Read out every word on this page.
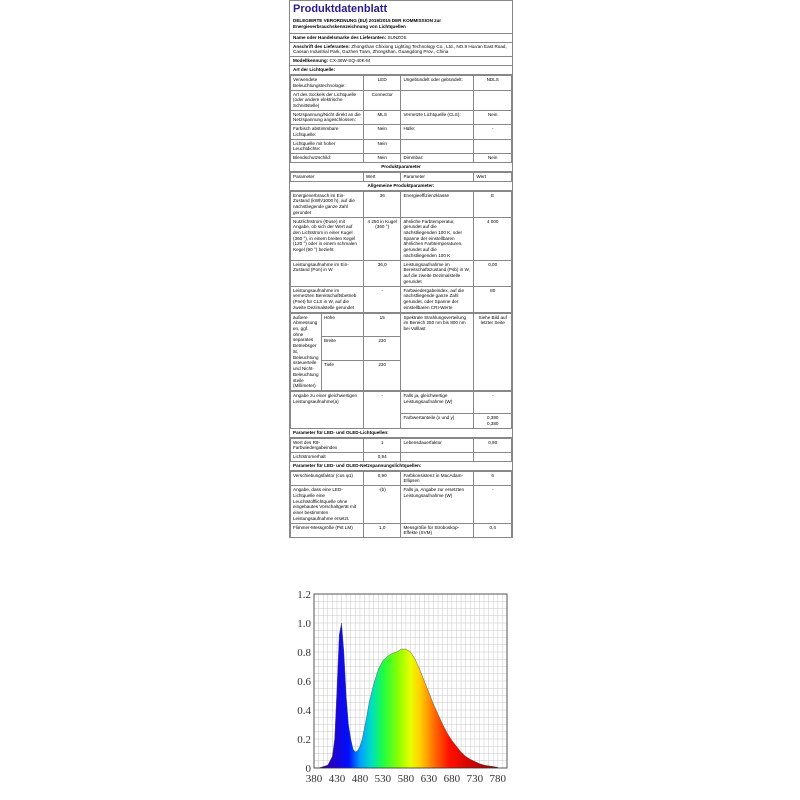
Produktdatenblatt
DELEGIERTE VERORDNUNG (EU) 2019/2015 DER KOMMISSION zur Energieverbrauchskennzeichnung von Lichtquellen
Name oder Handelsmarke des Lieferanten: SUNZOS
Anschrift des Lieferanten: Zhongshan Chixiong Lighting Technology Co., Ltd., NO.9 Hua'an East Road, Caosan Industrial Park, Guzhen Town, Zhongshan, Guangdong Prov., China
Modellkennung: CX-36W-SQ-40K-M
Art der Lichtquelle:
Verwendete Beleuchtungstechnologie:	LED	Ungebündelt oder gebündelt:	NDLS
Art des Sockels der Lichtquelle (oder andere elektrische Schnittstelle)	Connector		
Netzspannung/Nicht direkt an die Netzspannung angeschlossen:	MLS	Vernetzte Lichtquelle (CLS):	Nein
Farbisch abstimmbare Lichtquelle:	Nein	Hülle:	-
Lichtquelle mit hoher Leuchtdichte:	Nein		
Blendschutzschild:	Nein	Dimmbar:	Nein
Produktparameter
Parameter	Wert	Parameter	Wert
Allgemeine Produktparameter:
Energieverbrauch im Ein-Zustand (kWh/1000 h), auf die nächstliegende ganze Zahl gerundet	36	Energieeffizienzklasse	E
Nutzlichtstrom (Φuse) mit Angabe, ob sich der Wert auf den Lichtstrom in einer Kugel (360 °), in einem breiten Kegel (120 °) oder in einem schmalen Kegel (90 °) bezieht	4 250 in Kugel (360 °)	ähnliche Farbtemperatur, gerundet auf die nächstliegenden 100 K, oder Spanne der einstellbaren ähnlichen Farbtemperaturen, gerundet auf die nächstliegenden 100 K	4 000
Leistungsaufnahme im Ein-Zustand (Pon) in W	36,0	Leistungsaufnahme im Bereitschaftszustand (Psb) in W, auf die zweite Dezimalstelle gerundet	0,00
Leistungsaufnahme im vernetzten Bereitschaftsbetrieb (Pnet) für CLS in W, auf die zweite Dezimalstelle gerundet	-	Farbwiedergabeindex, auf die nächstliegende ganze Zahl gerundet, oder Spanne der einstellbaren CRI-Werte	80
äußere Abmessungen, ggf. ohne separates Betriebsgerät, Beleuchtungssteuerteile und Nicht-Beleuchtungsteile (Millimeter)	Höhe	15	Spektrale Strahlungsverteilung im Bereich 250 nm bis 800 nm bei Volllast	Siehe Bild auf letzter Seite
	Breite	230		
	Tiefe	230		
Angabe zu einer gleichwertigen Leistungsaufnahme(a)	-	Falls ja, gleichwertige Leistungsaufnahme (W)	-
		Farbwertanteile (x und y)	0,380
0,380
Parameter für LED- und OLED-Lichtquellen:
Wert des R9-Farbwiedergabeindex	1	Lebensdauerfaktor	0,90
Lichtstromerhalt	0,94		
Parameter für LED- und OLED-Netzspannungslichtquellen:
Verschiebungsfaktor (cos φ1)	0,90	Farbkonsistenz in MacAdam-Ellipsen	6
Angabe, dass eine LED-Lichtquelle eine Leuchtstofflichtquelle ohne eingebautes Vorschaltgerät mit einer bestimmten Leistungsaufnahme ersetzt.	-(b)	Falls ja, Angabe zur ersetzten Leistungsaufnahme (W)	-
Flimmer-Messgröße (Pst LM)	1,0	Messgröße für Stroboskop-Effekte (SVM)	0,4
0
0.2
0.4
0.6
0.8
1.0
1.2
380 430 480 530 580 630 680 730 780
